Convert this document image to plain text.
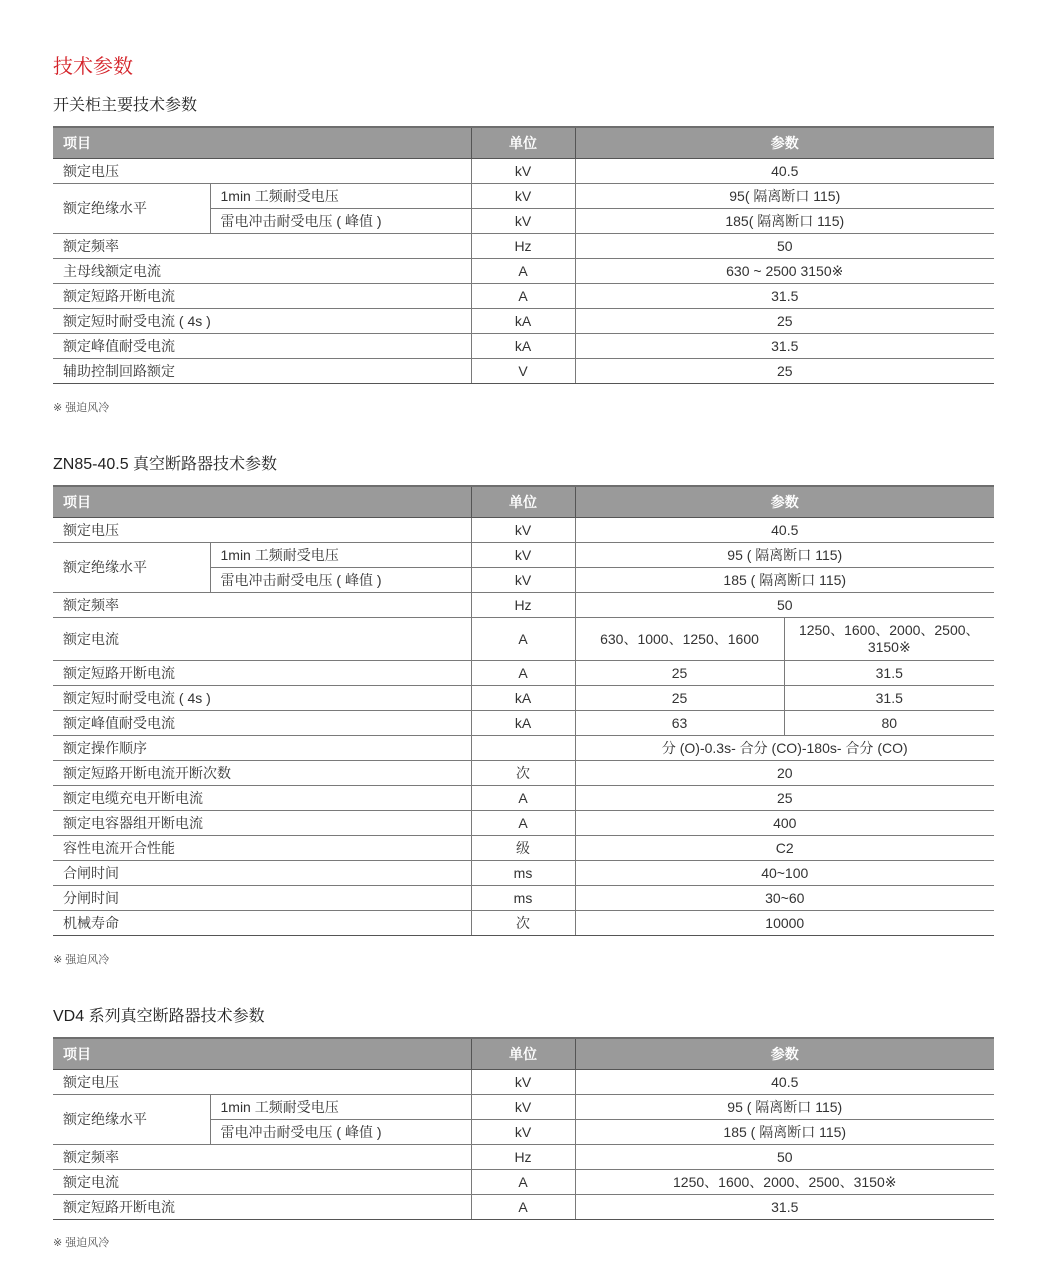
技术参数
开关柜主要技术参数
项目		单位	参数
额定电压		kV	40.5
额定绝缘水平	1min 工频耐受电压	kV	95( 隔离断口 115)
	雷电冲击耐受电压 ( 峰值 )	kV	185( 隔离断口 115)
额定频率		Hz	50
主母线额定电流		A	630 ~ 2500 3150※
额定短路开断电流		A	31.5
额定短时耐受电流 ( 4s )		kA	25
额定峰值耐受电流		kA	31.5
辅助控制回路额定		V	25

※ 强迫风冷

ZN85-40.5 真空断路器技术参数
项目		单位	参数	
额定电压		kV	40.5	
额定绝缘水平	1min 工频耐受电压	kV	95 ( 隔离断口 115)	
	雷电冲击耐受电压 ( 峰值 )	kV	185 ( 隔离断口 115)	
额定频率		Hz	50	
额定电流		A	630、1000、1250、1600	1250、1600、2000、2500、3150※
额定短路开断电流		A	25	31.5
额定短时耐受电流 ( 4s )		kA	25	31.5
额定峰值耐受电流		kA	63	80
额定操作顺序			分 (O)-0.3s- 合分 (CO)-180s- 合分 (CO)	
额定短路开断电流开断次数		次	20	
额定电缆充电开断电流		A	25	
额定电容器组开断电流		A	400	
容性电流开合性能		级	C2	
合闸时间		ms	40~100	
分闸时间		ms	30~60	
机械寿命		次	10000	

※ 强迫风冷

VD4 系列真空断路器技术参数
项目		单位	参数
额定电压		kV	40.5
额定绝缘水平	1min 工频耐受电压	kV	95 ( 隔离断口 115)
	雷电冲击耐受电压 ( 峰值 )	kV	185 ( 隔离断口 115)
额定频率		Hz	50
额定电流		A	1250、1600、2000、2500、3150※
额定短路开断电流		A	31.5

※ 强迫风冷
